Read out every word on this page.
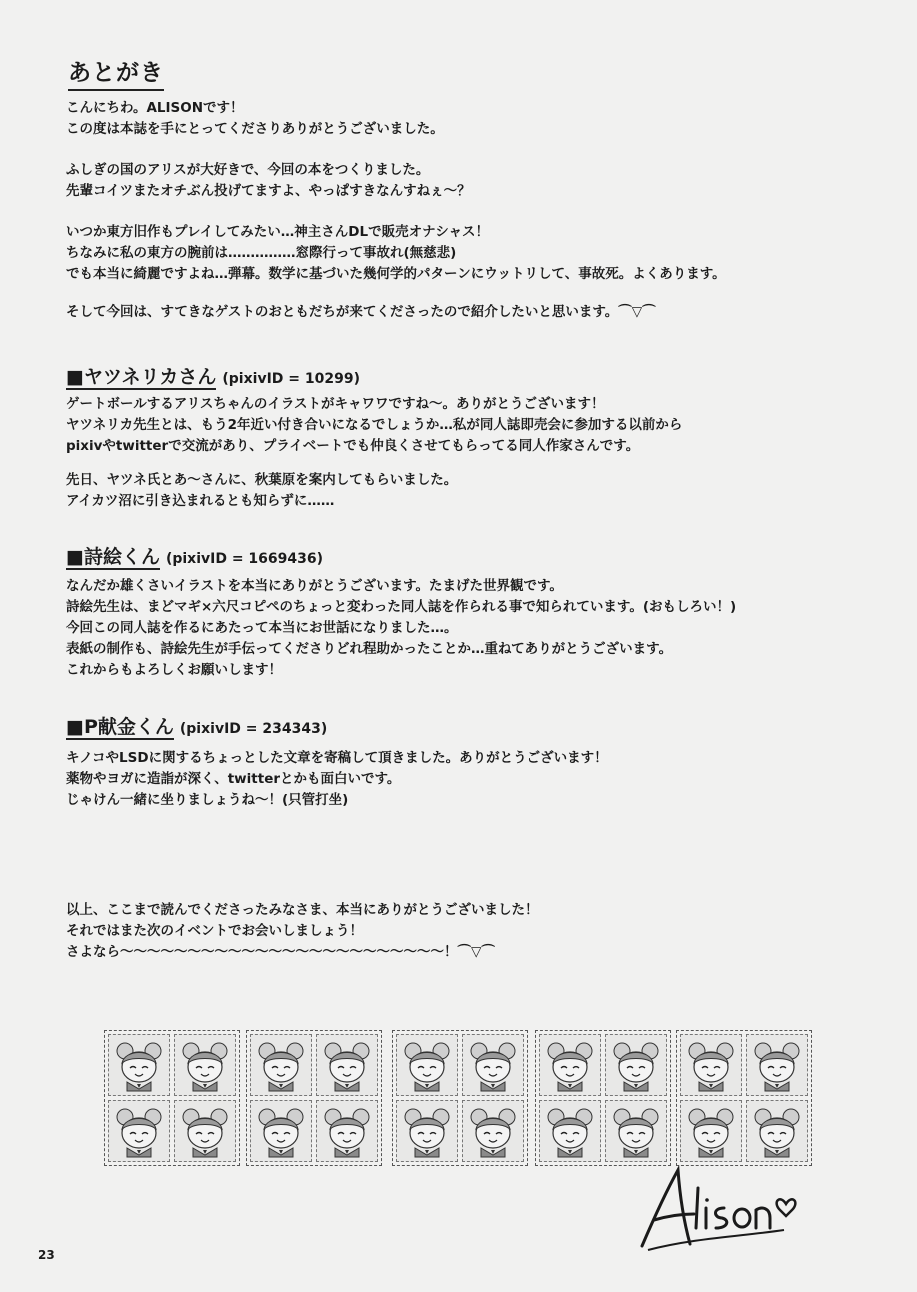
あとがき

こんにちわ。ALISONです！

この度は本誌を手にとってくださりありがとうございました。

ふしぎの国のアリスが大好きで、今回の本をつくりました。

先輩コイツまたオチぶん投げてますよ、やっぱすきなんすねぇ～？

いつか東方旧作もプレイしてみたい…神主さんDLで販売オナシャス！

ちなみに私の東方の腕前は……………窓際行って事故れ(無慈悲)

でも本当に綺麗ですよね…弾幕。数学に基づいた幾何学的パターンにウットリして、事故死。よくあります。

そして今回は、すてきなゲストのおともだちが来てくださったので紹介したいと思います。⌒▽⌒

■ヤツネリカさん (pixivID = 10299)

ゲートボールするアリスちゃんのイラストがキャワワですね～。ありがとうございます！

ヤツネリカ先生とは、もう2年近い付き合いになるでしょうか…私が同人誌即売会に参加する以前から

pixivやtwitterで交流があり、プライベートでも仲良くさせてもらってる同人作家さんです。

先日、ヤツネ氏とあ～さんに、秋葉原を案内してもらいました。

アイカツ沼に引き込まれるとも知らずに……

■詩絵くん (pixivID = 1669436)

なんだか雄くさいイラストを本当にありがとうございます。たまげた世界観です。

詩絵先生は、まどマギ×六尺コピペのちょっと変わった同人誌を作られる事で知られています。(おもしろい！)

今回この同人誌を作るにあたって本当にお世話になりました…。

表紙の制作も、詩絵先生が手伝ってくださりどれ程助かったことか…重ねてありがとうございます。

これからもよろしくお願いします！

■P献金くん (pixivID = 234343)

キノコやLSDに関するちょっとした文章を寄稿して頂きました。ありがとうございます！

薬物やヨガに造詣が深く、twitterとかも面白いです。

じゃけん一緒に坐りましょうね～！(只管打坐)

以上、ここまで読んでくださったみなさま、本当にありがとうございました！

それではまた次のイベントでお会いしましょう！

さよなら～～～～～～～～～～～～～～～～～～～～～～～～！⌒▽⌒

23
